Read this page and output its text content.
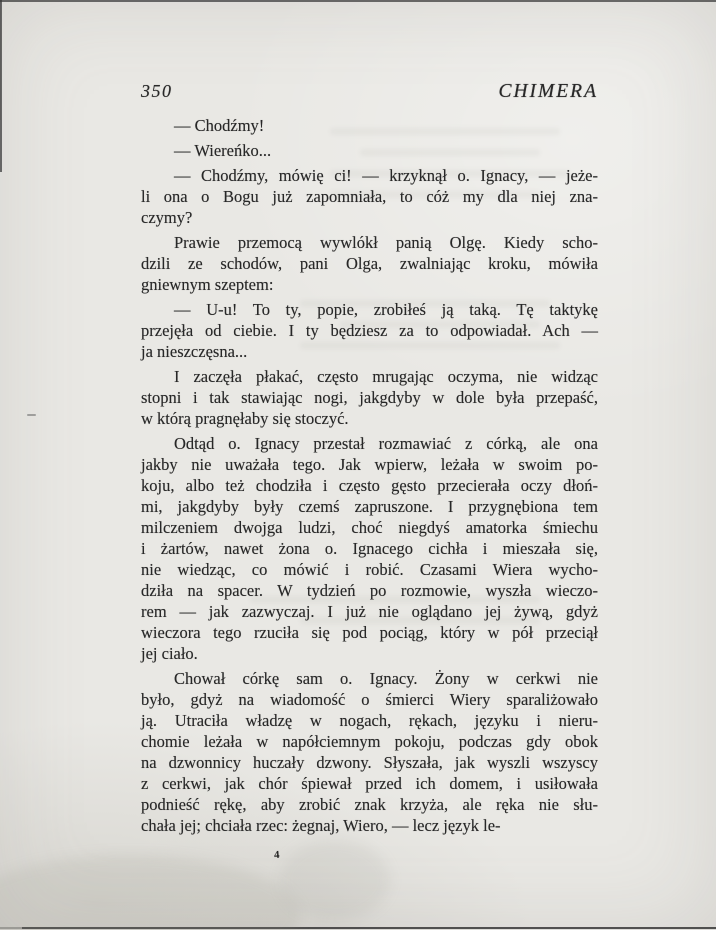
350	CHIMERA
— Chodźmy!
— Wiereńko...
— Chodźmy, mówię ci! — krzyknął o. Ignacy, — jeże-
li ona o Bogu już zapomniała, to cóż my dla niej zna-
czymy?
Prawie przemocą wywlókł panią Olgę. Kiedy scho-
dzili ze schodów, pani Olga, zwalniając kroku, mówiła
gniewnym szeptem:
— U-u! To ty, popie, zrobiłeś ją taką. Tę taktykę
przejęła od ciebie. I ty będziesz za to odpowiadał. Ach —
ja nieszczęsna...
I zaczęła płakać, często mrugając oczyma, nie widząc
stopni i tak stawiając nogi, jakgdyby w dole była przepaść,
w którą pragnęłaby się stoczyć.
Odtąd o. Ignacy przestał rozmawiać z córką, ale ona
jakby nie uważała tego. Jak wpierw, leżała w swoim po-
koju, albo też chodziła i często gęsto przecierała oczy dłoń-
mi, jakgdyby były czemś zapruszone. I przygnębiona tem
milczeniem dwojga ludzi, choć niegdyś amatorka śmiechu
i żartów, nawet żona o. Ignacego cichła i mieszała się,
nie wiedząc, co mówić i robić. Czasami Wiera wycho-
dziła na spacer. W tydzień po rozmowie, wyszła wieczo-
rem — jak zazwyczaj. I już nie oglądano jej żywą, gdyż
wieczora tego rzuciła się pod pociąg, który w pół przeciął
jej ciało.
Chował córkę sam o. Ignacy. Żony w cerkwi nie
było, gdyż na wiadomość o śmierci Wiery sparaliżowało
ją. Utraciła władzę w nogach, rękach, języku i nieru-
chomie leżała w napółciemnym pokoju, podczas gdy obok
na dzwonnicy huczały dzwony. Słyszała, jak wyszli wszyscy
z cerkwi, jak chór śpiewał przed ich domem, i usiłowała
podnieść rękę, aby zrobić znak krzyża, ale ręka nie słu-
chała jej; chciała rzec: żegnaj, Wiero, — lecz język le-
4
